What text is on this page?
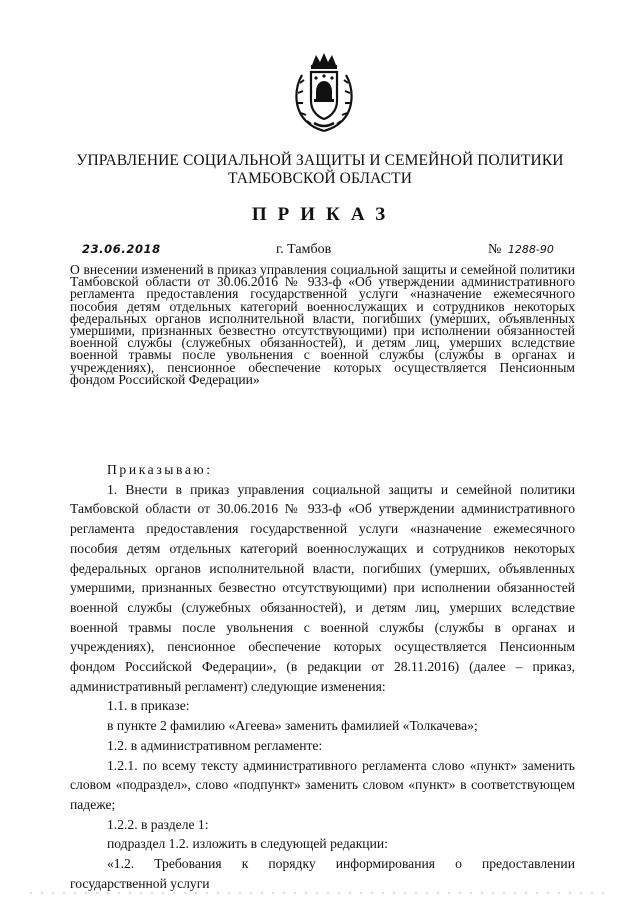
УПРАВЛЕНИЕ СОЦИАЛЬНОЙ ЗАЩИТЫ И СЕМЕЙНОЙ ПОЛИТИКИ
ТАМБОВСКОЙ ОБЛАСТИ
ПРИКАЗ
23.06.2018	г. Тамбов	№ 1288-90

О внесении изменений в приказ управления социальной защиты и семейной политики Тамбовской области от 30.06.2016 № 933-ф «Об утверждении административного регламента предоставления государственной услуги «назначение ежемесячного пособия детям отдельных категорий военнослужащих и сотрудников некоторых федеральных органов исполнительной власти, погибших (умерших, объявленных умершими, признанных безвестно отсутствующими) при исполнении обязанностей военной службы (служебных обязанностей), и детям лиц, умерших вследствие военной травмы после увольнения с военной службы (службы в органах и учреждениях), пенсионное обеспечение которых осуществляется Пенсионным фондом Российской Федерации»

Приказываю:

1. Внести в приказ управления социальной защиты и семейной политики Тамбовской области от 30.06.2016 № 933-ф «Об утверждении административного регламента предоставления государственной услуги «назначение ежемесячного пособия детям отдельных категорий военнослужащих и сотрудников некоторых федеральных органов исполнительной власти, погибших (умерших, объявленных умершими, признанных безвестно отсутствующими) при исполнении обязанностей военной службы (служебных обязанностей), и детям лиц, умерших вследствие военной травмы после увольнения с военной службы (службы в органах и учреждениях), пенсионное обеспечение которых осуществляется Пенсионным фондом Российской Федерации», (в редакции от 28.11.2016) (далее – приказ, административный регламент) следующие изменения:

1.1. в приказе:

в пункте 2 фамилию «Агеева» заменить фамилией «Толкачева»;

1.2. в административном регламенте:

1.2.1. по всему тексту административного регламента слово «пункт» заменить словом «подраздел», слово «подпункт» заменить словом «пункт» в соответствующем падеже;

1.2.2. в разделе 1:

подраздел 1.2. изложить в следующей редакции:

«1.2. Требования к порядку информирования о предоставлении государственной услуги
